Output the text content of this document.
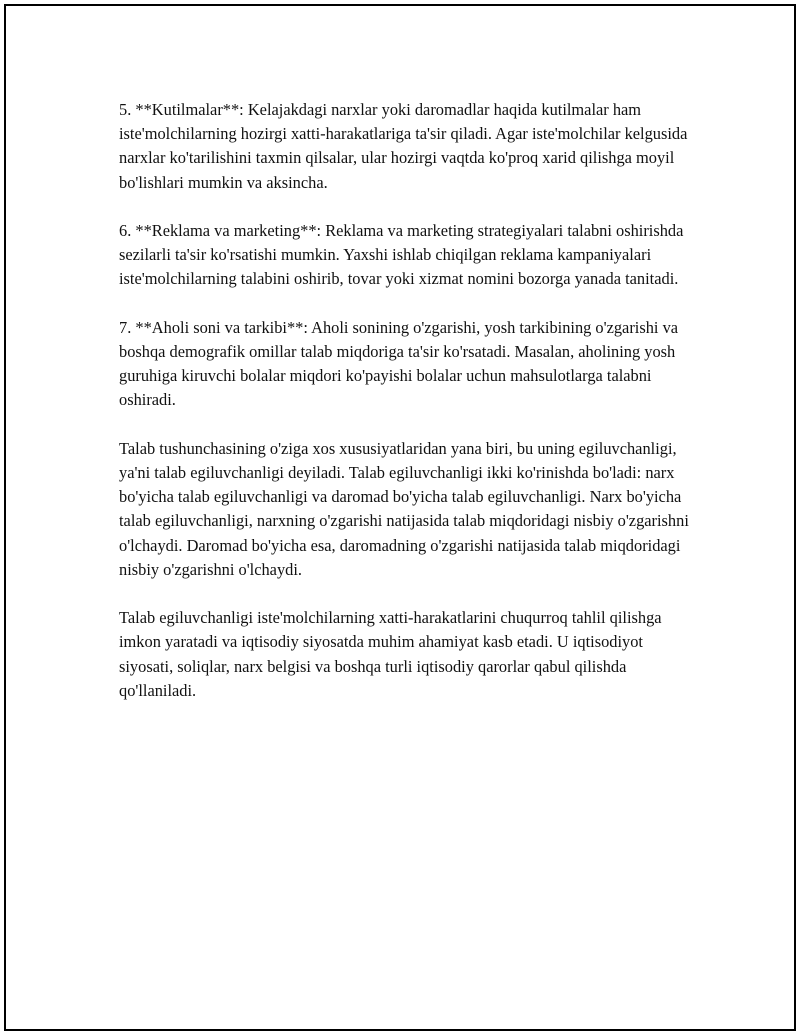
5. **Kutilmalar**: Kelajakdagi narxlar yoki daromadlar haqida kutilmalar ham iste'molchilarning hozirgi xatti-harakatlariga ta'sir qiladi. Agar iste'molchilar kelgusida narxlar ko'tarilishini taxmin qilsalar, ular hozirgi vaqtda ko'proq xarid qilishga moyil bo'lishlari mumkin va aksincha.

6. **Reklama va marketing**: Reklama va marketing strategiyalari talabni oshirishda sezilarli ta'sir ko'rsatishi mumkin. Yaxshi ishlab chiqilgan reklama kampaniyalari iste'molchilarning talabini oshirib, tovar yoki xizmat nomini bozorga yanada tanitadi.

7. **Aholi soni va tarkibi**: Aholi sonining o'zgarishi, yosh tarkibining o'zgarishi va boshqa demografik omillar talab miqdoriga ta'sir ko'rsatadi. Masalan, aholining yosh guruhiga kiruvchi bolalar miqdori ko'payishi bolalar uchun mahsulotlarga talabni oshiradi.

Talab tushunchasining o'ziga xos xususiyatlaridan yana biri, bu uning egiluvchanligi, ya'ni talab egiluvchanligi deyiladi. Talab egiluvchanligi ikki ko'rinishda bo'ladi: narx bo'yicha talab egiluvchanligi va daromad bo'yicha talab egiluvchanligi. Narx bo'yicha talab egiluvchanligi, narxning o'zgarishi natijasida talab miqdoridagi nisbiy o'zgarishni o'lchaydi. Daromad bo'yicha esa, daromadning o'zgarishi natijasida talab miqdoridagi nisbiy o'zgarishni o'lchaydi.

Talab egiluvchanligi iste'molchilarning xatti-harakatlarini chuqurroq tahlil qilishga imkon yaratadi va iqtisodiy siyosatda muhim ahamiyat kasb etadi. U iqtisodiyot siyosati, soliqlar, narx belgisi va boshqa turli iqtisodiy qarorlar qabul qilishda qo'llaniladi.
